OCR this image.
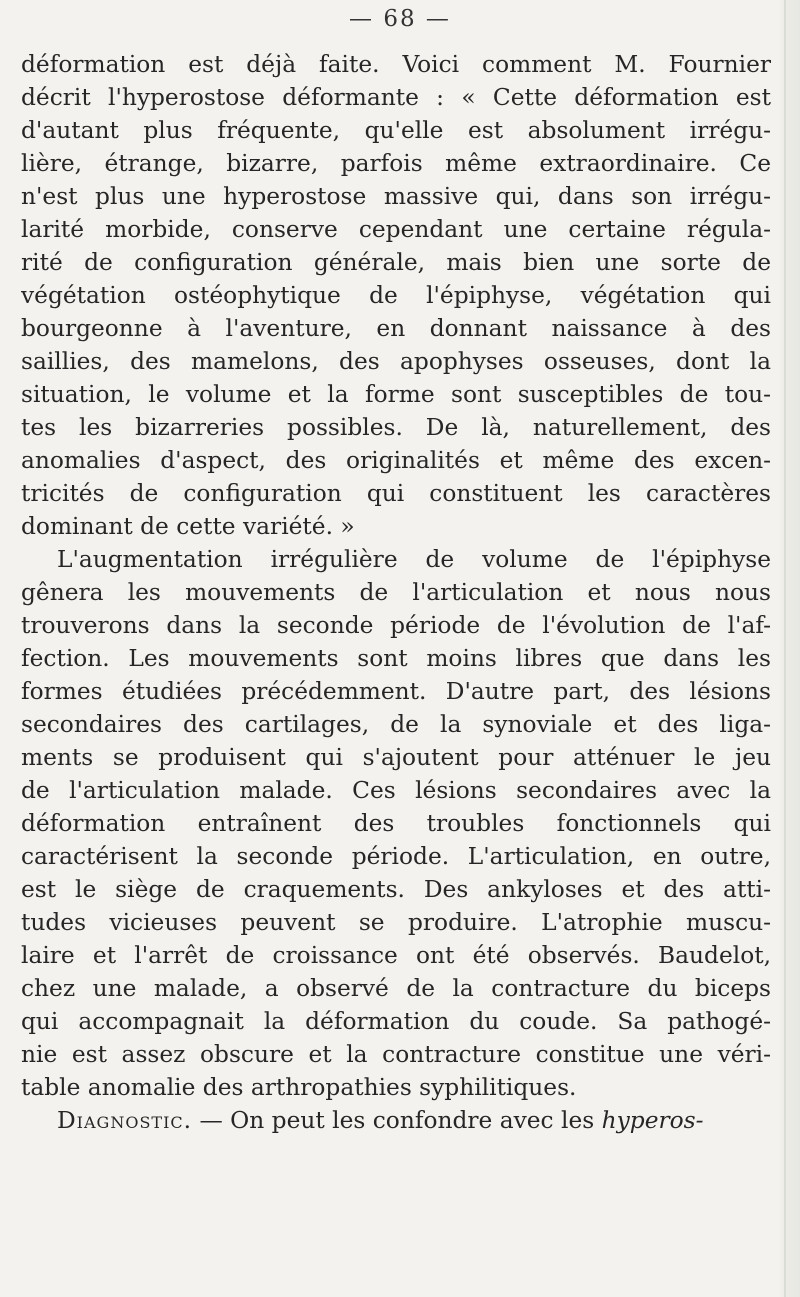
— 68 —
déformation est déjà faite. Voici comment M. Fournier
décrit l'hyperostose déformante : « Cette déformation est
d'autant plus fréquente, qu'elle est absolument irrégu-
lière, étrange, bizarre, parfois même extraordinaire. Ce
n'est plus une hyperostose massive qui, dans son irrégu-
larité morbide, conserve cependant une certaine régula-
rité de configuration générale, mais bien une sorte de
végétation ostéophytique de l'épiphyse, végétation qui
bourgeonne à l'aventure, en donnant naissance à des
saillies, des mamelons, des apophyses osseuses, dont la
situation, le volume et la forme sont susceptibles de tou-
tes les bizarreries possibles. De là, naturellement, des
anomalies d'aspect, des originalités et même des excen-
tricités de configuration qui constituent les caractères
dominant de cette variété. »
L'augmentation irrégulière de volume de l'épiphyse
gênera les mouvements de l'articulation et nous nous
trouverons dans la seconde période de l'évolution de l'af-
fection. Les mouvements sont moins libres que dans les
formes étudiées précédemment. D'autre part, des lésions
secondaires des cartilages, de la synoviale et des liga-
ments se produisent qui s'ajoutent pour atténuer le jeu
de l'articulation malade. Ces lésions secondaires avec la
déformation entraînent des troubles fonctionnels qui
caractérisent la seconde période. L'articulation, en outre,
est le siège de craquements. Des ankyloses et des atti-
tudes vicieuses peuvent se produire. L'atrophie muscu-
laire et l'arrêt de croissance ont été observés. Baudelot,
chez une malade, a observé de la contracture du biceps
qui accompagnait la déformation du coude. Sa pathogé-
nie est assez obscure et la contracture constitue une véri-
table anomalie des arthropathies syphilitiques.
Diagnostic. — On peut les confondre avec les hyperos-
